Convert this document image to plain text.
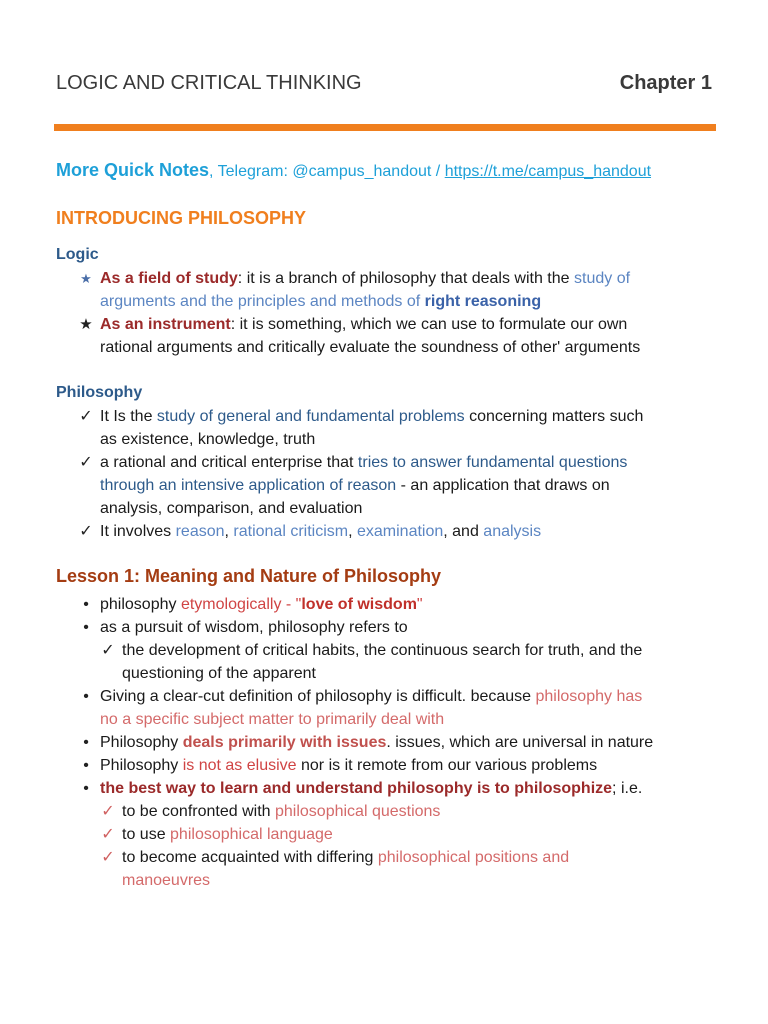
LOGIC AND CRITICAL THINKING	Chapter 1
More Quick Notes, Telegram: @campus_handout / https://t.me/campus_handout
INTRODUCING PHILOSOPHY
Logic
★ As a field of study: it is a branch of philosophy that deals with the study of
arguments and the principles and methods of right reasoning
★ As an instrument: it is something, which we can use to formulate our own
rational arguments and critically evaluate the soundness of other' arguments
Philosophy
✓ It Is the study of general and fundamental problems concerning matters such
as existence, knowledge, truth
✓ a rational and critical enterprise that tries to answer fundamental questions
through an intensive application of reason - an application that draws on
analysis, comparison, and evaluation
✓ It involves reason, rational criticism, examination, and analysis
Lesson 1: Meaning and Nature of Philosophy
• philosophy etymologically - "love of wisdom"
• as a pursuit of wisdom, philosophy refers to
✓ the development of critical habits, the continuous search for truth, and the
questioning of the apparent
• Giving a clear-cut definition of philosophy is difficult. because philosophy has
no a specific subject matter to primarily deal with
• Philosophy deals primarily with issues. issues, which are universal in nature
• Philosophy is not as elusive nor is it remote from our various problems
• the best way to learn and understand philosophy is to philosophize; i.e.
✓ to be confronted with philosophical questions
✓ to use philosophical language
✓ to become acquainted with differing philosophical positions and
manoeuvres
